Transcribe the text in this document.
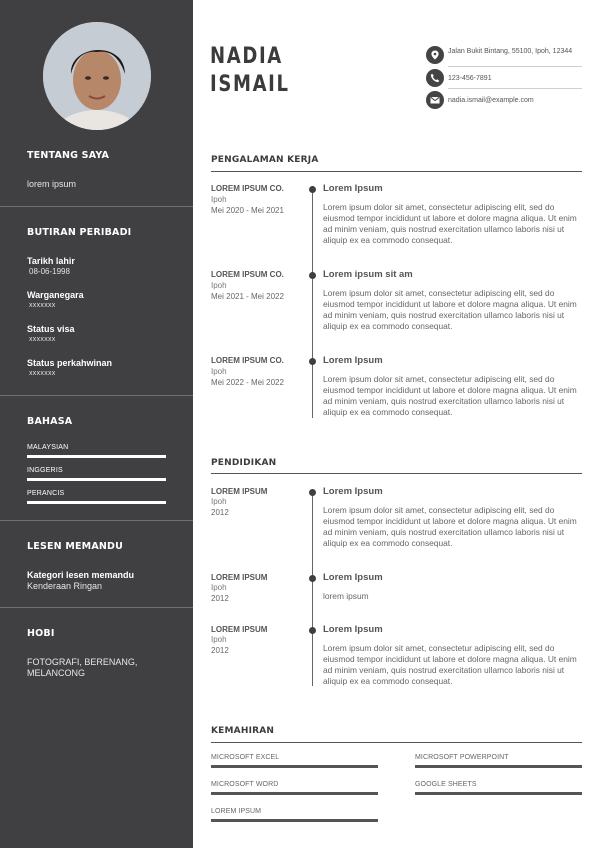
TENTANG SAYA
lorem ipsum
BUTIRAN PERIBADI
Tarikh lahir
08-06-1998
Warganegara
xxxxxxx
Status visa
xxxxxxx
Status perkahwinan
xxxxxxx
BAHASA
MALAYSIAN
INGGERIS
PERANCIS
LESEN MEMANDU
Kategori lesen memandu
Kenderaan Ringan
HOBI
FOTOGRAFI, BERENANG,
MELANCONG
NADIA
ISMAIL
Jalan Bukit Bintang, 55100, Ipoh, 12344
123-456-7891
nadia.ismail@example.com
PENGALAMAN KERJA
LOREM IPSUM CO.
Ipoh
Mei 2020 - Mei 2021
Lorem Ipsum
Lorem ipsum dolor sit amet, consectetur adipiscing elit, sed do eiusmod tempor incididunt ut labore et dolore magna aliqua. Ut enim ad minim veniam, quis nostrud exercitation ullamco laboris nisi ut aliquip ex ea commodo consequat.
LOREM IPSUM CO.
Ipoh
Mei 2021 - Mei 2022
Lorem ipsum sit am
Lorem ipsum dolor sit amet, consectetur adipiscing elit, sed do eiusmod tempor incididunt ut labore et dolore magna aliqua. Ut enim ad minim veniam, quis nostrud exercitation ullamco laboris nisi ut aliquip ex ea commodo consequat.
LOREM IPSUM CO.
Ipoh
Mei 2022 - Mei 2022
Lorem Ipsum
Lorem ipsum dolor sit amet, consectetur adipiscing elit, sed do eiusmod tempor incididunt ut labore et dolore magna aliqua. Ut enim ad minim veniam, quis nostrud exercitation ullamco laboris nisi ut aliquip ex ea commodo consequat.
PENDIDIKAN
LOREM IPSUM
Ipoh
2012
Lorem Ipsum
Lorem ipsum dolor sit amet, consectetur adipiscing elit, sed do eiusmod tempor incididunt ut labore et dolore magna aliqua. Ut enim ad minim veniam, quis nostrud exercitation ullamco laboris nisi ut aliquip ex ea commodo consequat.
LOREM IPSUM
Ipoh
2012
Lorem Ipsum
lorem ipsum
LOREM IPSUM
Ipoh
2012
Lorem Ipsum
Lorem ipsum dolor sit amet, consectetur adipiscing elit, sed do eiusmod tempor incididunt ut labore et dolore magna aliqua. Ut enim ad minim veniam, quis nostrud exercitation ullamco laboris nisi ut aliquip ex ea commodo consequat.
KEMAHIRAN
MICROSOFT EXCEL	MICROSOFT POWERPOINT
MICROSOFT WORD	GOOGLE SHEETS
LOREM IPSUM
